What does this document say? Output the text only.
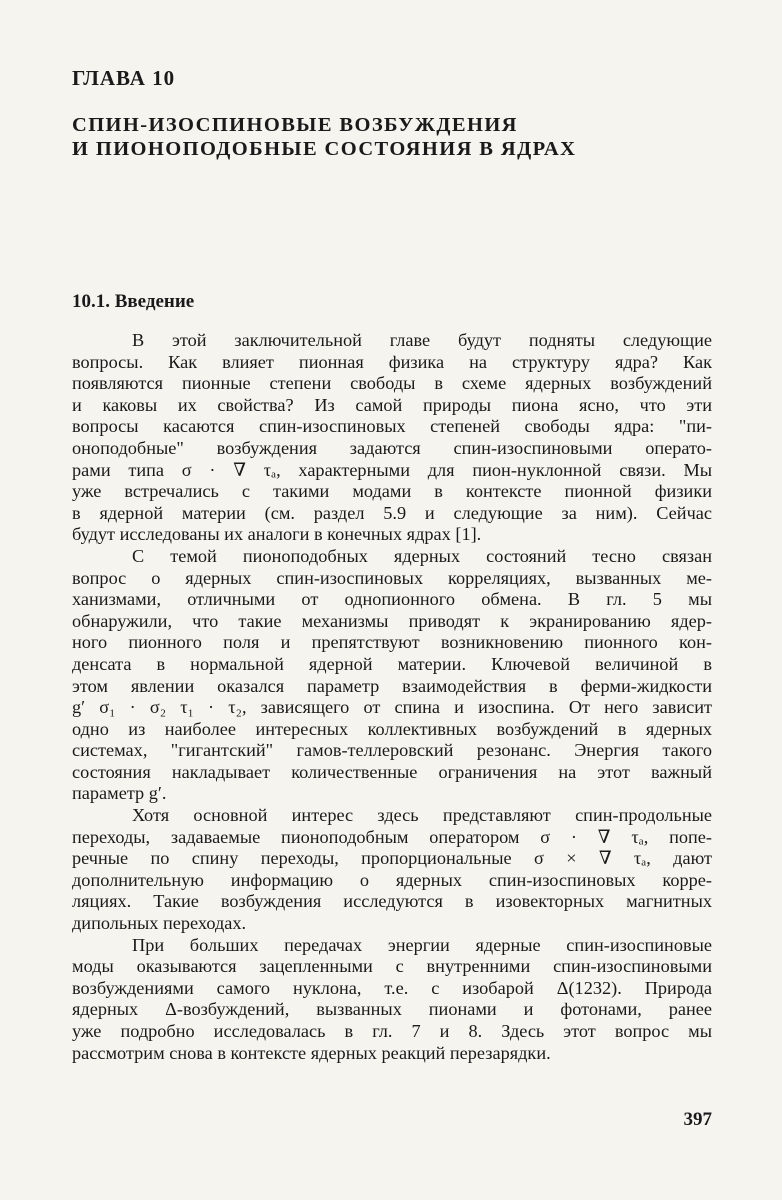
ГЛАВА 10
СПИН-ИЗОСПИНОВЫЕ ВОЗБУЖДЕНИЯ
И ПИОНОПОДОБНЫЕ СОСТОЯНИЯ В ЯДРАХ
10.1. Введение
В этой заключительной главе будут подняты следующие
вопросы. Как влияет пионная физика на структуру ядра? Как
появляются пионные степени свободы в схеме ядерных возбуждений
и каковы их свойства? Из самой природы пиона ясно, что эти
вопросы касаются спин-изоспиновых степеней свободы ядра: "пи-
оноподобные" возбуждения задаются спин-изоспиновыми операто-
рами типа σ · ∇ τₐ, характерными для пион-нуклонной связи. Мы
уже встречались с такими модами в контексте пионной физики
в ядерной материи (см. раздел 5.9 и следующие за ним). Сейчас
будут исследованы их аналоги в конечных ядрах [1].
С темой пионоподобных ядерных состояний тесно связан
вопрос о ядерных спин-изоспиновых корреляциях, вызванных ме-
ханизмами, отличными от однопионного обмена. В гл. 5 мы
обнаружили, что такие механизмы приводят к экранированию ядер-
ного пионного поля и препятствуют возникновению пионного кон-
денсата в нормальной ядерной материи. Ключевой величиной в
этом явлении оказался параметр взаимодействия в ферми-жидкости
g′ σ₁ · σ₂ τ₁ · τ₂, зависящего от спина и изоспина. От него зависит
одно из наиболее интересных коллективных возбуждений в ядерных
системах, "гигантский" гамов-теллеровский резонанс. Энергия такого
состояния накладывает количественные ограничения на этот важный
параметр g′.
Хотя основной интерес здесь представляют спин-продольные
переходы, задаваемые пионоподобным оператором σ · ∇ τₐ, попе-
речные по спину переходы, пропорциональные σ × ∇ τₐ, дают
дополнительную информацию о ядерных спин-изоспиновых корре-
ляциях. Такие возбуждения исследуются в изовекторных магнитных
дипольных переходах.
При больших передачах энергии ядерные спин-изоспиновые
моды оказываются зацепленными с внутренними спин-изоспиновыми
возбуждениями самого нуклона, т.е. с изобарой Δ(1232). Природа
ядерных Δ-возбуждений, вызванных пионами и фотонами, ранее
уже подробно исследовалась в гл. 7 и 8. Здесь этот вопрос мы
рассмотрим снова в контексте ядерных реакций перезарядки.
397
